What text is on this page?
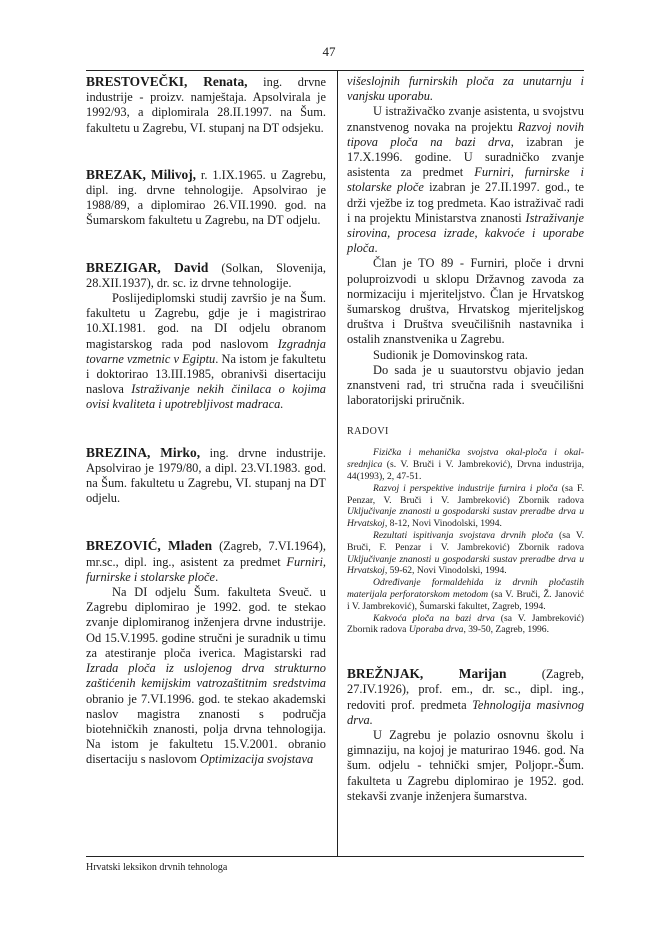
47

BRESTOVEČKI, Renata, ing. drvne industrije - proizv. namještaja. Apsolvirala je 1992/93, a diplomirala 28.II.1997. na Šum. fakultetu u Zagrebu, VI. stupanj na DT odsjeku.

BREZAK, Milivoj, r. 1.IX.1965. u Zagrebu, dipl. ing. drvne tehnologije. Apsolvirao je 1988/89, a diplomirao 26.VII.1990. god. na Šumarskom fakultetu u Zagrebu, na DT odjelu.

BREZIGAR, David (Solkan, Slovenija, 28.XII.1937), dr. sc. iz drvne tehnologije.

Poslijediplomski studij završio je na Šum. fakultetu u Zagrebu, gdje je i magistrirao 10.XI.1981. god. na DI odjelu obranom magistarskog rada pod naslovom Izgradnja tovarne vzmetnic v Egiptu. Na istom je fakultetu i doktorirao 13.III.1985, obranivši disertaciju naslova Istraživanje nekih činilaca o kojima ovisi kvaliteta i upotrebljivost madraca.

BREZINA, Mirko, ing. drvne industrije. Apsolvirao je 1979/80, a dipl. 23.VI.1983. god. na Šum. fakultetu u Zagrebu, VI. stupanj na DT odjelu.

BREZOVIĆ, Mladen (Zagreb, 7.VI.1964), mr.sc., dipl. ing., asistent za predmet Furniri, furnirske i stolarske ploče.

Na DI odjelu Šum. fakulteta Sveuč. u Zagrebu diplomirao je 1992. god. te stekao zvanje diplomiranog inženjera drvne industrije. Od 15.V.1995. godine stručni je suradnik u timu za atestiranje ploča iverica. Magistarski rad Izrada ploča iz uslojenog drva strukturno zaštićenih kemijskim vatrozaštitnim sredstvima obranio je 7.VI.1996. god. te stekao akademski naslov magistra znanosti s područja biotehničkih znanosti, polja drvna tehnologija. Na istom je fakultetu 15.V.2001. obranio disertaciju s naslovom Optimizacija svojstava

višeslojnih furnirskih ploča za unutarnju i vanjsku uporabu.

U istraživačko zvanje asistenta, u svojstvu znanstvenog novaka na projektu Razvoj novih tipova ploča na bazi drva, izabran je 17.X.1996. godine. U suradničko zvanje asistenta za predmet Furniri, furnirske i stolarske ploče izabran je 27.II.1997. god., te drži vježbe iz tog predmeta. Kao istraživač radi i na projektu Ministarstva znanosti Istraživanje sirovina, procesa izrade, kakvoće i uporabe ploča.

Član je TO 89 - Furniri, ploče i drvni poluproizvodi u sklopu Državnog zavoda za normizaciju i mjeriteljstvo. Član je Hrvatskog šumarskog društva, Hrvatskog mjeriteljskog društva i Društva sveučilišnih nastavnika i ostalih znanstvenika u Zagrebu.

Sudionik je Domovinskog rata.

Do sada je u suautorstvu objavio jedan znanstveni rad, tri stručna rada i sveučilišni laboratorijski priručnik.

RADOVI

Fizička i mehanička svojstva okal-ploča i okal-srednjica (s. V. Bruči i V. Jambreković), Drvna industrija, 44(1993), 2, 47-51.

Razvoj i perspektive industrije furnira i ploča (sa F. Penzar, V. Bruči i V. Jambreković) Zbornik radova Uključivanje znanosti u gospodarski sustav preradbe drva u Hrvatskoj, 8-12, Novi Vinodolski, 1994.

Rezultati ispitivanja svojstava drvnih ploča (sa V. Bruči, F. Penzar i V. Jambreković) Zbornik radova Uključivanje znanosti u gospodarski sustav preradbe drva u Hrvatskoj, 59-62, Novi Vinodolski, 1994.

Određivanje formaldehida iz drvnih pločastih materijala perforatorskom metodom (sa V. Bruči, Ž. Janović i V. Jambreković), Šumarski fakultet, Zagreb, 1994.

Kakvoća ploča na bazi drva (sa V. Jambreković) Zbornik radova Uporaba drva, 39-50, Zagreb, 1996.

BREŽNJAK, Marijan (Zagreb, 27.IV.1926), prof. em., dr. sc., dipl. ing., redoviti prof. predmeta Tehnologija masivnog drva.

U Zagrebu je polazio osnovnu školu i gimnaziju, na kojoj je maturirao 1946. god. Na šum. odjelu - tehnički smjer, Poljopr.-Šum. fakulteta u Zagrebu diplomirao je 1952. god. stekavši zvanje inženjera šumarstva.

Hrvatski leksikon drvnih tehnologa
